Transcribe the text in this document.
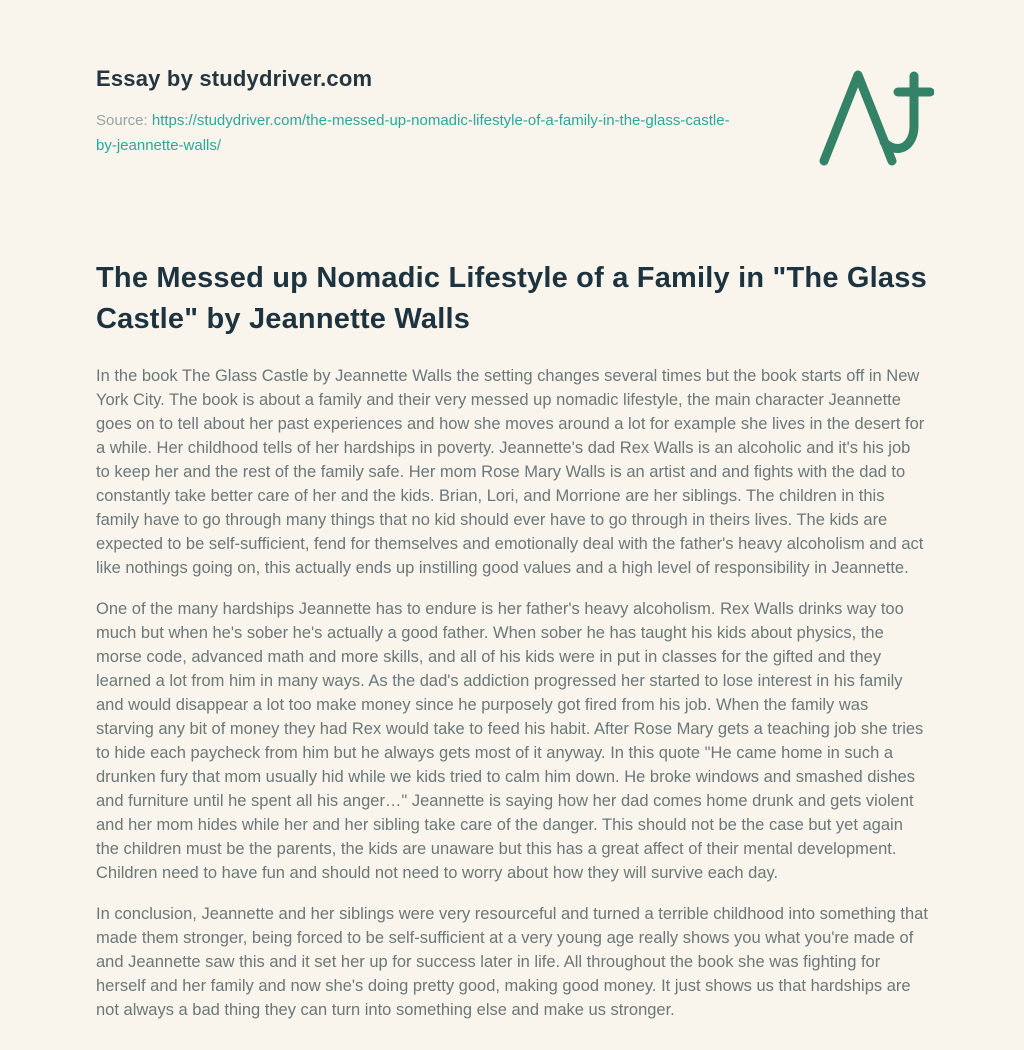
Essay by studydriver.com
Source: https://studydriver.com/the-messed-up-nomadic-lifestyle-of-a-family-in-the-glass-castle-by-jeannette-walls/
The Messed up Nomadic Lifestyle of a Family in "The Glass Castle" by Jeannette Walls

In the book The Glass Castle by Jeannette Walls the setting changes several times but the book starts off in New York City. The book is about a family and their very messed up nomadic lifestyle, the main character Jeannette goes on to tell about her past experiences and how she moves around a lot for example she lives in the desert for a while. Her childhood tells of her hardships in poverty. Jeannette's dad Rex Walls is an alcoholic and it's his job to keep her and the rest of the family safe. Her mom Rose Mary Walls is an artist and and fights with the dad to constantly take better care of her and the kids. Brian, Lori, and Morrione are her siblings. The children in this family have to go through many things that no kid should ever have to go through in theirs lives. The kids are expected to be self-sufficient, fend for themselves and emotionally deal with the father's heavy alcoholism and act like nothings going on, this actually ends up instilling good values and a high level of responsibility in Jeannette.

One of the many hardships Jeannette has to endure is her father's heavy alcoholism. Rex Walls drinks way too much but when he's sober he's actually a good father. When sober he has taught his kids about physics, the morse code, advanced math and more skills, and all of his kids were in put in classes for the gifted and they learned a lot from him in many ways. As the dad's addiction progressed her started to lose interest in his family and would disappear a lot too make money since he purposely got fired from his job. When the family was starving any bit of money they had Rex would take to feed his habit. After Rose Mary gets a teaching job she tries to hide each paycheck from him but he always gets most of it anyway. In this quote "He came home in such a drunken fury that mom usually hid while we kids tried to calm him down. He broke windows and smashed dishes and furniture until he spent all his anger…" Jeannette is saying how her dad comes home drunk and gets violent and her mom hides while her and her sibling take care of the danger. This should not be the case but yet again the children must be the parents, the kids are unaware but this has a great affect of their mental development. Children need to have fun and should not need to worry about how they will survive each day.

In conclusion, Jeannette and her siblings were very resourceful and turned a terrible childhood into something that made them stronger, being forced to be self-sufficient at a very young age really shows you what you're made of and Jeannette saw this and it set her up for success later in life. All throughout the book she was fighting for herself and her family and now she's doing pretty good, making good money. It just shows us that hardships are not always a bad thing they can turn into something else and make us stronger.
